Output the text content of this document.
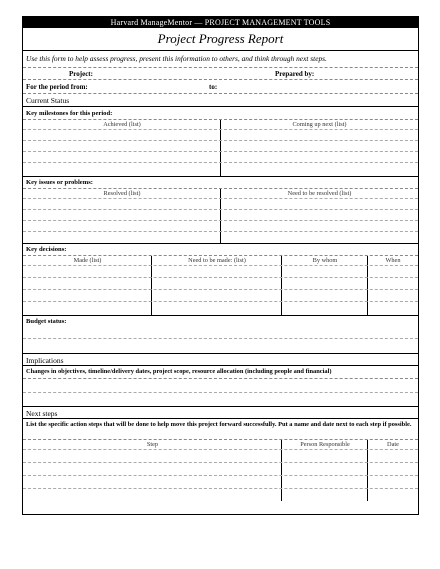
Harvard ManageMentor — PROJECT MANAGEMENT TOOLS
Project Progress Report
Use this form to help assess progress, present this information to others, and think through next steps.
Project:	Prepared by:
For the period from:	to:
Current Status
Key milestones for this period:
Achieved (list)	Coming up next (list)
Key issues or problems:
Resolved (list)	Need to be resolved (list)
Key decisions:
Made (list)	Need to be made: (list)	By whom	When
Budget status:
Implications
Changes in objectives, timeline/delivery dates, project scope, resource allocation (including people and financial)
Next steps
List the specific action steps that will be done to help move this project forward successfully. Put a name and date next to each step if possible.
Step	Person Responsible	Date
